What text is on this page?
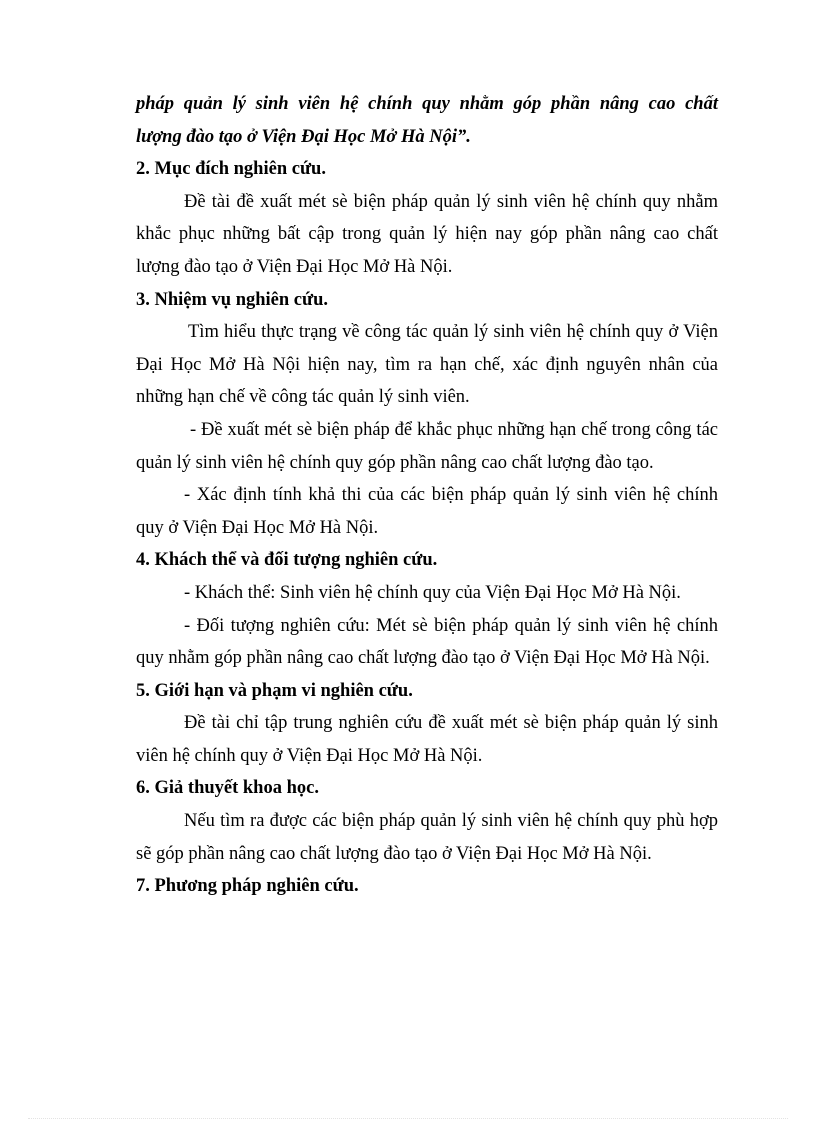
pháp quản lý sinh viên hệ chính quy nhằm góp phần nâng cao chất

lượng đào tạo ở Viện Đại Học Mở Hà Nội”.

2. Mục đích nghiên cứu.

Đề tài đề xuất mét sè biện pháp quản lý sinh viên hệ chính quy nhằm khắc phục những bất cập trong quản lý hiện nay góp phần nâng cao chất lượng đào tạo ở Viện Đại Học Mở Hà Nội.

3. Nhiệm vụ nghiên cứu.

Tìm hiểu thực trạng về công tác quản lý sinh viên hệ chính quy ở Viện Đại Học Mở Hà Nội hiện nay, tìm ra hạn chế, xác định nguyên nhân của những hạn chế về công tác quản lý sinh viên.

- Đề xuất mét sè biện pháp để khắc phục những hạn chế trong công tác quản lý sinh viên hệ chính quy góp phần nâng cao chất lượng đào tạo.

- Xác định tính khả thi của các biện pháp quản lý sinh viên hệ chính quy ở Viện Đại Học Mở Hà Nội.

4. Khách thể và đối tượng nghiên cứu.

- Khách thể: Sinh viên hệ chính quy của Viện Đại Học Mở Hà Nội.

- Đối tượng nghiên cứu: Mét sè biện pháp quản lý sinh viên hệ chính quy nhằm góp phần nâng cao chất lượng đào tạo ở Viện Đại Học Mở Hà Nội.

5. Giới hạn và phạm vi nghiên cứu.

Đề tài chỉ tập trung nghiên cứu đề xuất mét sè biện pháp quản lý sinh viên hệ chính quy ở Viện Đại Học Mở Hà Nội.

6. Giả thuyết khoa học.

Nếu tìm ra được các biện pháp quản lý sinh viên hệ chính quy phù hợp sẽ góp phần nâng cao chất lượng đào tạo ở Viện Đại Học Mở Hà Nội.

7. Phương pháp nghiên cứu.
